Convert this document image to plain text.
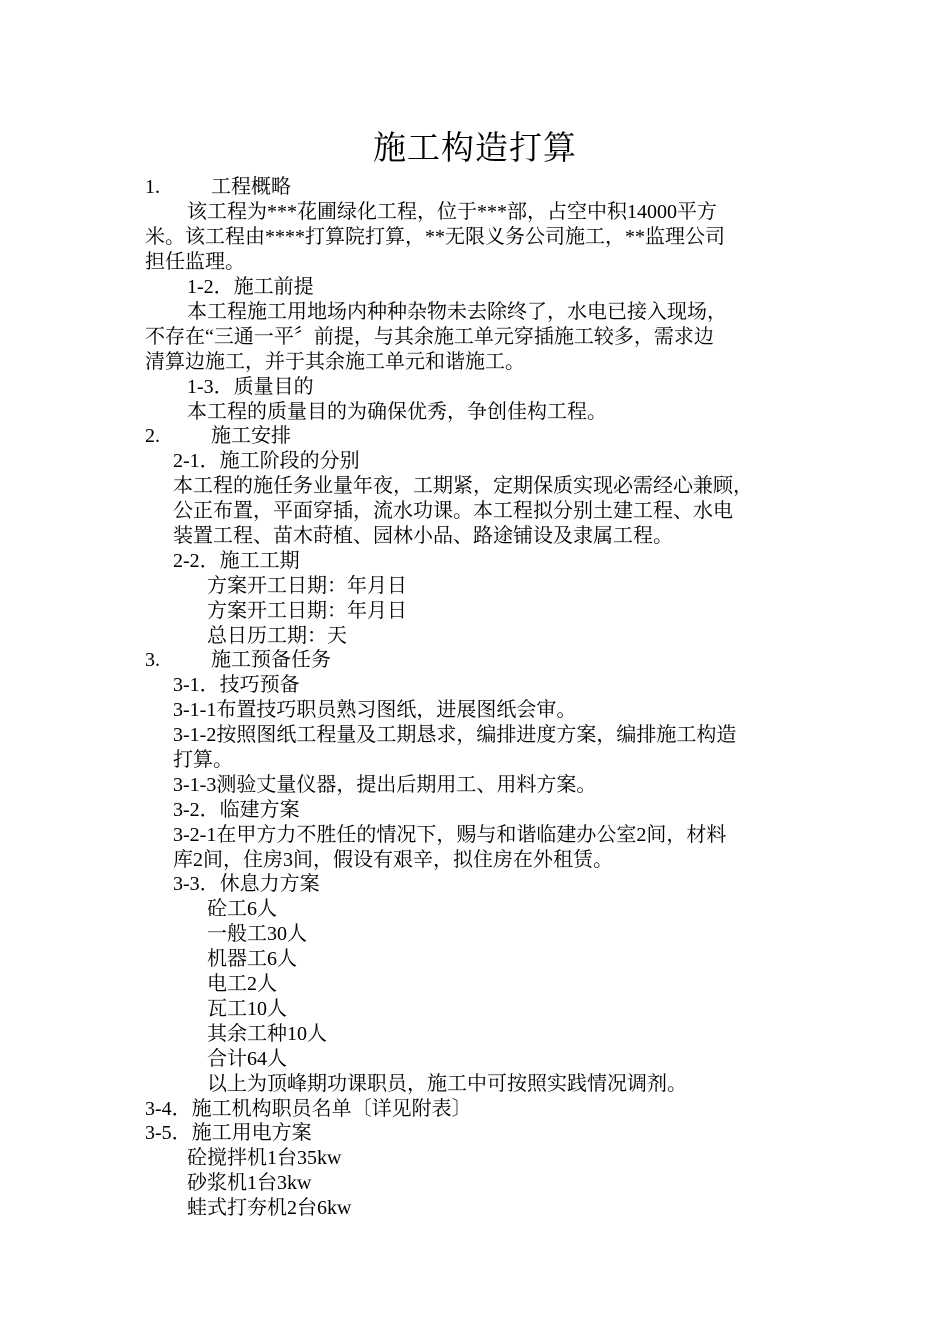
施工构造打算
1.	工程概略
该工程为***花圃绿化工程，位于***部，占空中积14000平方
米。该工程由****打算院打算，**无限义务公司施工，**监理公司
担任监理。
1-2．施工前提
本工程施工用地场内种种杂物未去除终了，水电已接入现场，
不存在“三通一平〞前提，与其余施工单元穿插施工较多，需求边
清算边施工，并于其余施工单元和谐施工。
1-3．质量目的
本工程的质量目的为确保优秀，争创佳构工程。
2.	施工安排
2-1．施工阶段的分别
本工程的施任务业量年夜，工期紧，定期保质实现必需经心兼顾，
公正布置，平面穿插，流水功课。本工程拟分别土建工程、水电
装置工程、苗木莳植、园林小品、路途铺设及隶属工程。
2-2．施工工期
方案开工日期：年月日
方案开工日期：年月日
总日历工期：天
3.	施工预备任务
3-1．技巧预备
3-1-1布置技巧职员熟习图纸，进展图纸会审。
3-1-2按照图纸工程量及工期恳求，编排进度方案，编排施工构造
打算。
3-1-3测验丈量仪器，提出后期用工、用料方案。
3-2．临建方案
3-2-1在甲方力不胜任的情况下，赐与和谐临建办公室2间，材料
库2间，住房3间，假设有艰辛，拟住房在外租赁。
3-3．休息力方案
砼工6人
一般工30人
机器工6人
电工2人
瓦工10人
其余工种10人
合计64人
以上为顶峰期功课职员，施工中可按照实践情况调剂。
3-4．施工机构职员名单〔详见附表〕
3-5．施工用电方案
砼搅拌机1台35kw
砂浆机1台3kw
蛙式打夯机2台6kw
